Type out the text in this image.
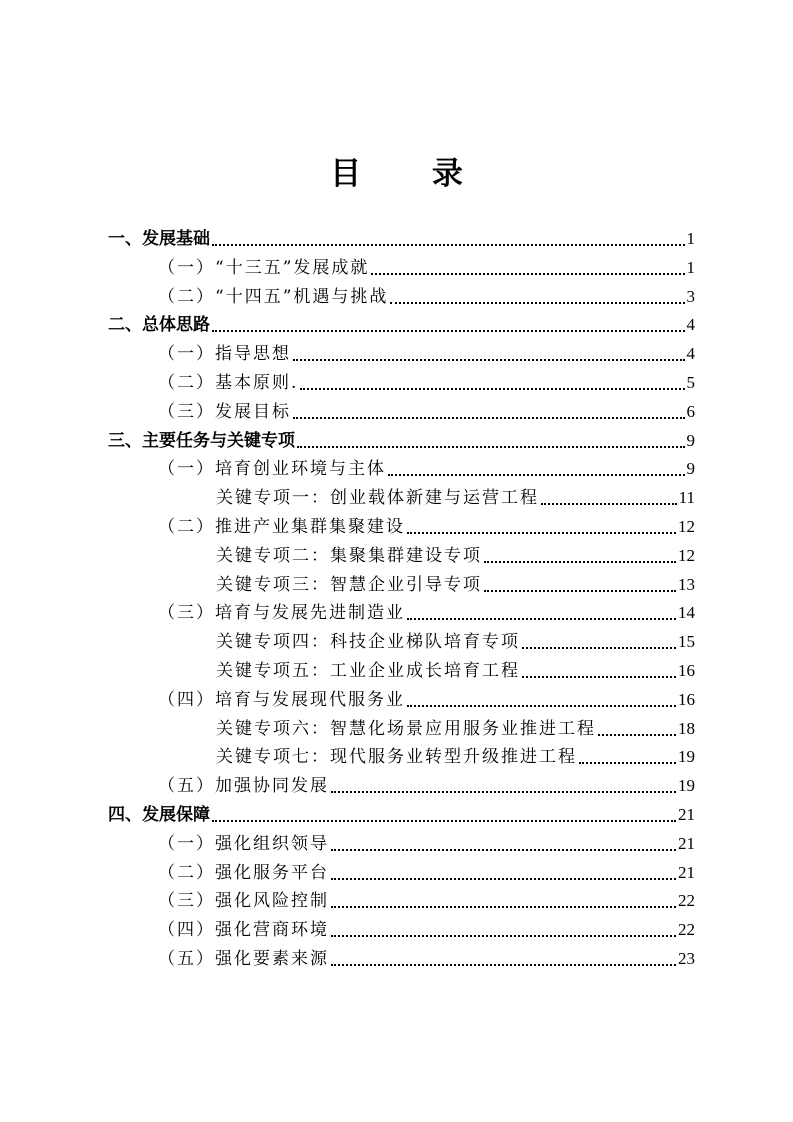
目 录
一、发展基础	1
（一）“十三五”发展成就	1
（二）“十四五”机遇与挑战	3
二、总体思路	4
（一）指导思想	4
（二）基本原则.	5
（三）发展目标	6
三、主要任务与关键专项	9
（一）培育创业环境与主体	9
关键专项一：创业载体新建与运营工程	11
（二）推进产业集群集聚建设	12
关键专项二：集聚集群建设专项	12
关键专项三：智慧企业引导专项	13
（三）培育与发展先进制造业	14
关键专项四：科技企业梯队培育专项	15
关键专项五：工业企业成长培育工程	16
（四）培育与发展现代服务业	16
关键专项六：智慧化场景应用服务业推进工程	18
关键专项七：现代服务业转型升级推进工程	19
（五）加强协同发展	19
四、发展保障	21
（一）强化组织领导	21
（二）强化服务平台	21
（三）强化风险控制	22
（四）强化营商环境	22
（五）强化要素来源	23
